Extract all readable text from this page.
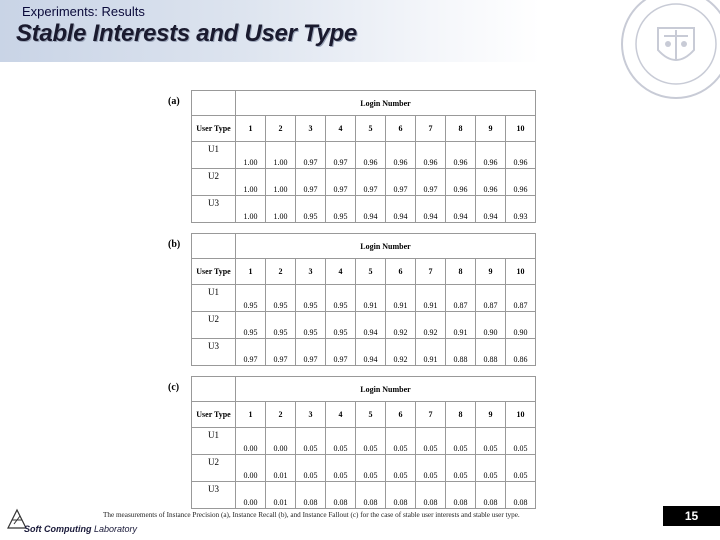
Experiments: Results
Stable Interests and User Type
(a)
		Login Number									
User Type	1	2	3	4	5	6	7	8	9	10
U1	1.00	1.00	0.97	0.97	0.96	0.96	0.96	0.96	0.96	0.96
U2	1.00	1.00	0.97	0.97	0.97	0.97	0.97	0.96	0.96	0.96
U3	1.00	1.00	0.95	0.95	0.94	0.94	0.94	0.94	0.94	0.93
(b)
		Login Number									
User Type	1	2	3	4	5	6	7	8	9	10
U1	0.95	0.95	0.95	0.95	0.91	0.91	0.91	0.87	0.87	0.87
U2	0.95	0.95	0.95	0.95	0.94	0.92	0.92	0.91	0.90	0.90
U3	0.97	0.97	0.97	0.97	0.94	0.92	0.91	0.88	0.88	0.86
(c)
		Login Number									
User Type	1	2	3	4	5	6	7	8	9	10
U1	0.00	0.00	0.05	0.05	0.05	0.05	0.05	0.05	0.05	0.05
U2	0.00	0.01	0.05	0.05	0.05	0.05	0.05	0.05	0.05	0.05
U3	0.00	0.01	0.08	0.08	0.08	0.08	0.08	0.08	0.08	0.08
The measurements of Instance Precision (a), Instance Recall (b), and Instance Fallout (c) for the case of stable user interests and stable user type.
Soft Computing Laboratory
15
